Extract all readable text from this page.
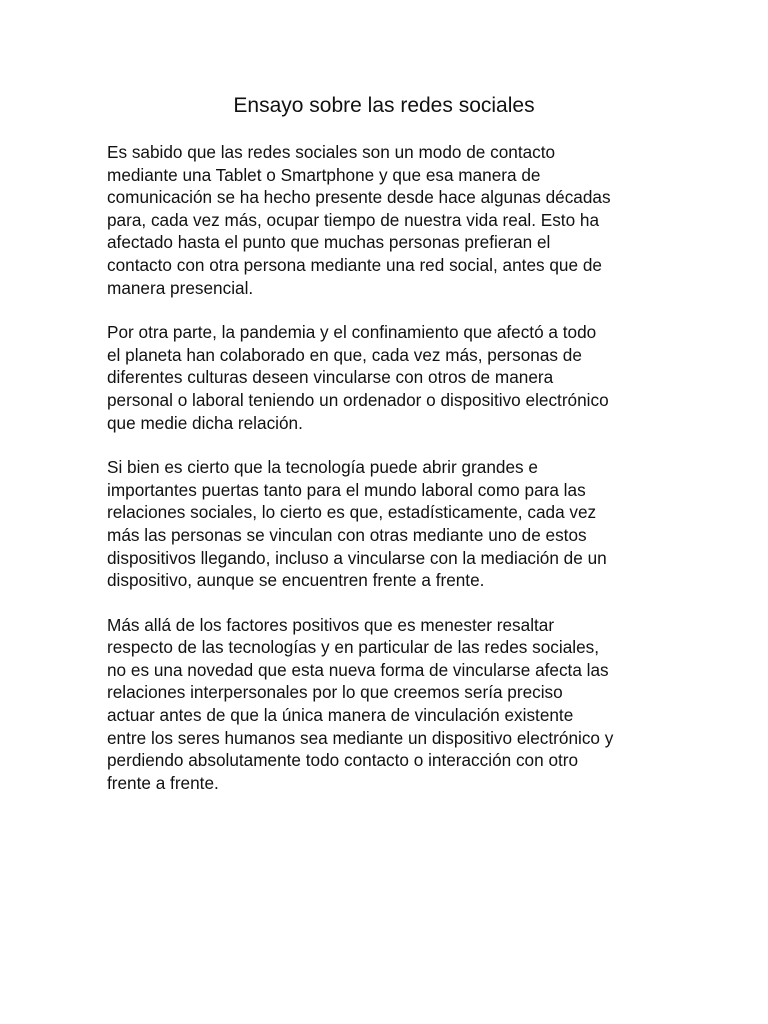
Ensayo sobre las redes sociales

Es sabido que las redes sociales son un modo de contacto
mediante una Tablet o Smartphone y que esa manera de
comunicación se ha hecho presente desde hace algunas décadas
para, cada vez más, ocupar tiempo de nuestra vida real. Esto ha
afectado hasta el punto que muchas personas prefieran el
contacto con otra persona mediante una red social, antes que de
manera presencial.

Por otra parte, la pandemia y el confinamiento que afectó a todo
el planeta han colaborado en que, cada vez más, personas de
diferentes culturas deseen vincularse con otros de manera
personal o laboral teniendo un ordenador o dispositivo electrónico
que medie dicha relación.

Si bien es cierto que la tecnología puede abrir grandes e
importantes puertas tanto para el mundo laboral como para las
relaciones sociales, lo cierto es que, estadísticamente, cada vez
más las personas se vinculan con otras mediante uno de estos
dispositivos llegando, incluso a vincularse con la mediación de un
dispositivo, aunque se encuentren frente a frente.

Más allá de los factores positivos que es menester resaltar
respecto de las tecnologías y en particular de las redes sociales,
no es una novedad que esta nueva forma de vincularse afecta las
relaciones interpersonales por lo que creemos sería preciso
actuar antes de que la única manera de vinculación existente
entre los seres humanos sea mediante un dispositivo electrónico y
perdiendo absolutamente todo contacto o interacción con otro
frente a frente.
